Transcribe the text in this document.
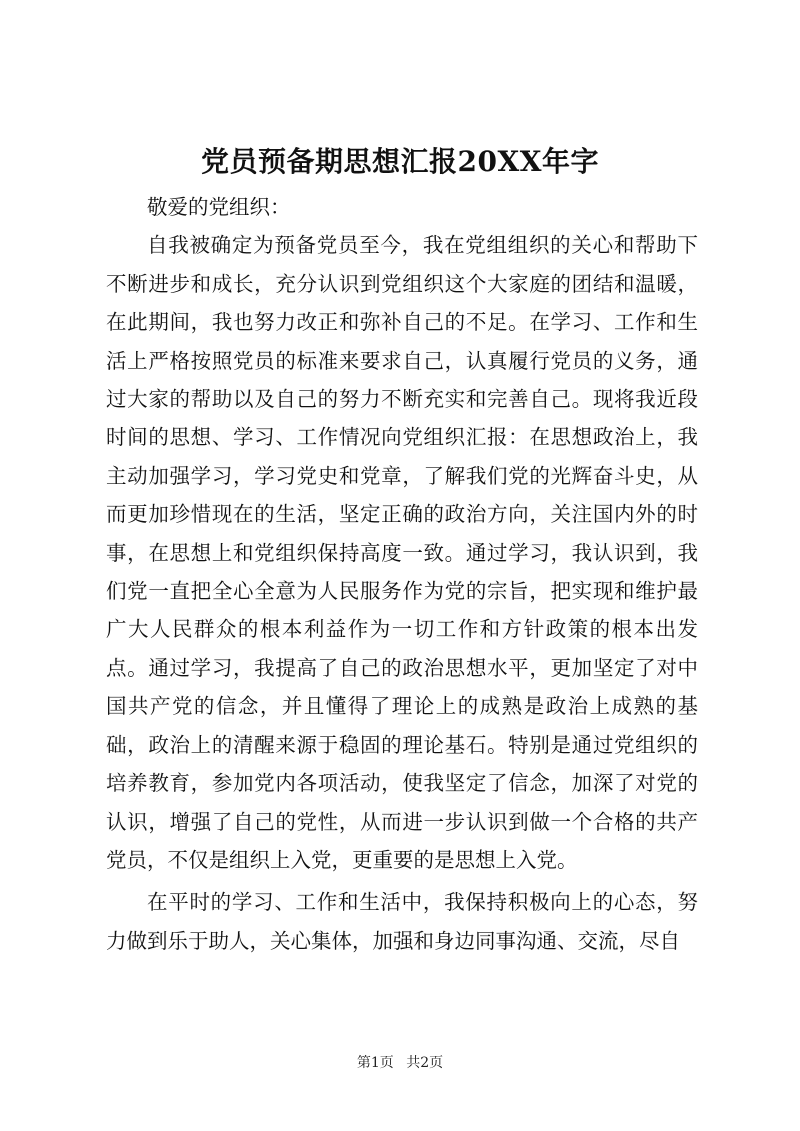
党员预备期思想汇报20XX年字

敬爱的党组织：

自我被确定为预备党员至今，我在党组组织的关心和帮助下不断进步和成长，充分认识到党组织这个大家庭的团结和温暖，在此期间，我也努力改正和弥补自己的不足。在学习、工作和生活上严格按照党员的标准来要求自己，认真履行党员的义务，通过大家的帮助以及自己的努力不断充实和完善自己。现将我近段时间的思想、学习、工作情况向党组织汇报：在思想政治上，我主动加强学习，学习党史和党章，了解我们党的光辉奋斗史，从而更加珍惜现在的生活，坚定正确的政治方向，关注国内外的时事，在思想上和党组织保持高度一致。通过学习，我认识到，我们党一直把全心全意为人民服务作为党的宗旨，把实现和维护最广大人民群众的根本利益作为一切工作和方针政策的根本出发点。通过学习，我提高了自己的政治思想水平，更加坚定了对中国共产党的信念，并且懂得了理论上的成熟是政治上成熟的基础，政治上的清醒来源于稳固的理论基石。特别是通过党组织的培养教育，参加党内各项活动，使我坚定了信念，加深了对党的认识，增强了自己的党性，从而进一步认识到做一个合格的共产党员，不仅是组织上入党，更重要的是思想上入党。

在平时的学习、工作和生活中，我保持积极向上的心态，努力做到乐于助人，关心集体，加强和身边同事沟通、交流，尽自

第1页 共2页
